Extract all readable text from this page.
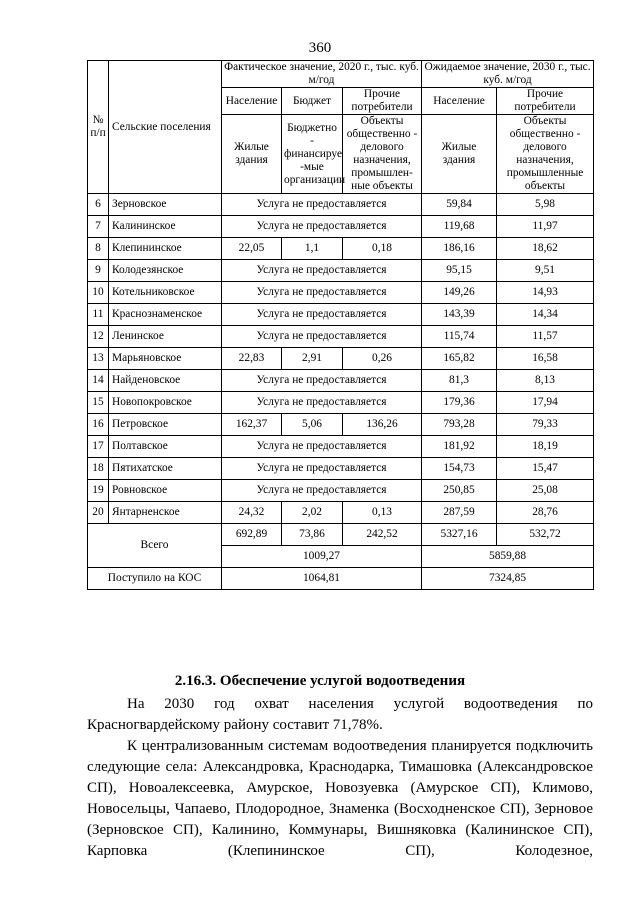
360
№ п/п	Сельские поселения	Фактическое значение, 2020 г., тыс. куб. м/год			Ожидаемое значение, 2030 г., тыс. куб. м/год	
		Население	Бюджет	Прочие потребители	Население	Прочие потребители
		Жилые здания	Бюджетно - финансируе -мые организации	Объекты общественно - делового назначения, промышлен-ные объекты	Жилые здания	Объекты общественно - делового назначения, промышленные объекты
6	Зерновское	Услуга не предоставляется			59,84	5,98
7	Калининское	Услуга не предоставляется			119,68	11,97
8	Клепининское	22,05	1,1	0,18	186,16	18,62
9	Колодезянское	Услуга не предоставляется			95,15	9,51
10	Котельниковское	Услуга не предоставляется			149,26	14,93
11	Краснознаменское	Услуга не предоставляется			143,39	14,34
12	Ленинское	Услуга не предоставляется			115,74	11,57
13	Марьяновское	22,83	2,91	0,26	165,82	16,58
14	Найденовское	Услуга не предоставляется			81,3	8,13
15	Новопокровское	Услуга не предоставляется			179,36	17,94
16	Петровское	162,37	5,06	136,26	793,28	79,33
17	Полтавское	Услуга не предоставляется			181,92	18,19
18	Пятихатское	Услуга не предоставляется			154,73	15,47
19	Ровновское	Услуга не предоставляется			250,85	25,08
20	Янтарненское	24,32	2,02	0,13	287,59	28,76
Всего		692,89	73,86	242,52	5327,16	532,72
		1009,27			5859,88	
Поступило на КОС		1064,81			7324,85	
2.16.3. Обеспечение услугой водоотведения
На 2030 год охват населения услугой водоотведения по Красногвардейскому району составит 71,78%.
К централизованным системам водоотведения планируется подключить следующие села: Александровка, Краснодарка, Тимашовка (Александровское СП), Новоалексеевка, Амурское, Новозуевка (Амурское СП), Климово, Новосельцы, Чапаево, Плодородное, Знаменка (Восходненское СП), Зерновое (Зерновское СП), Калинино, Коммунары, Вишняковка (Калининское СП), Карповка (Клепининское СП), Колодезное,
